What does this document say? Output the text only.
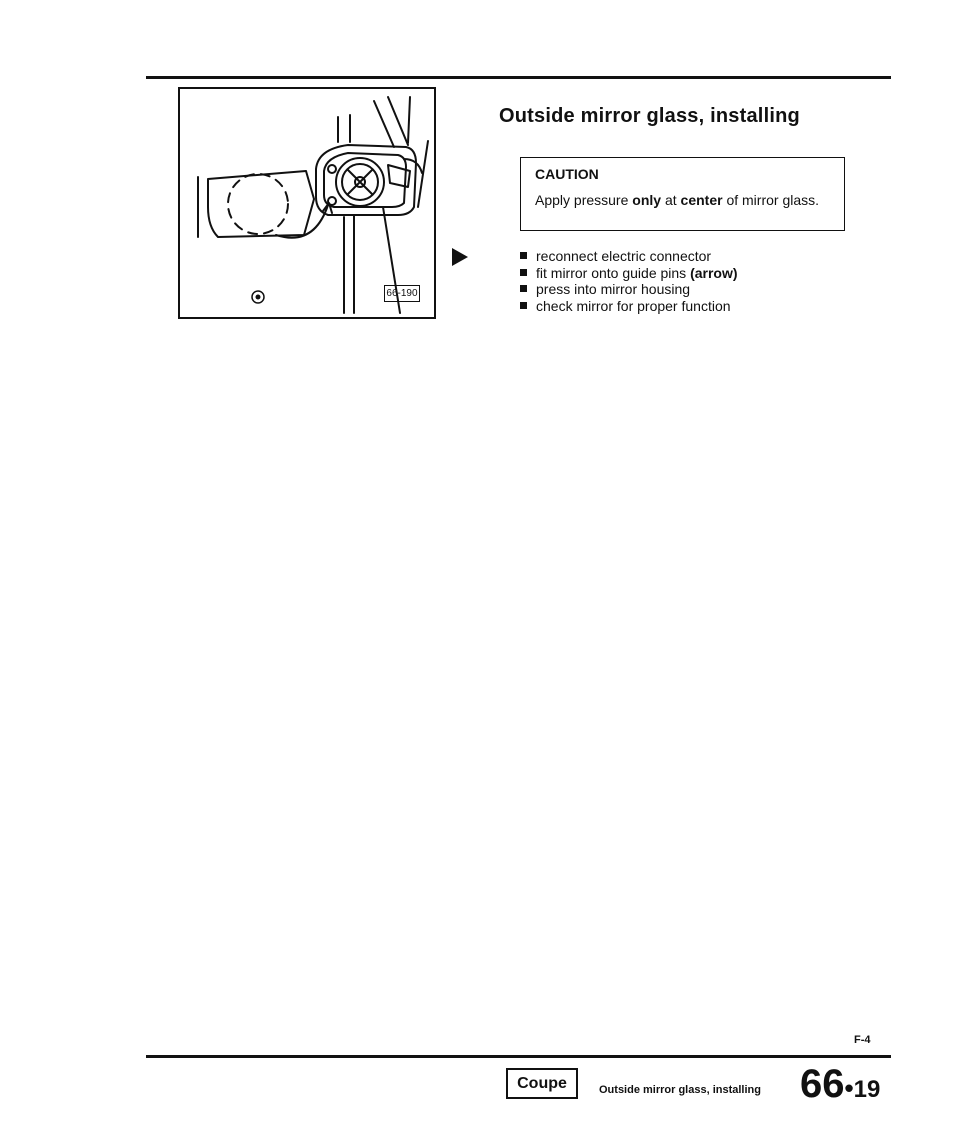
66-190
Outside mirror glass, installing
CAUTION
Apply pressure only at center of mirror glass.
reconnect electric connector
fit mirror onto guide pins (arrow)
press into mirror housing
check mirror for proper function
F-4
Coupe	Outside mirror glass, installing 66•19
